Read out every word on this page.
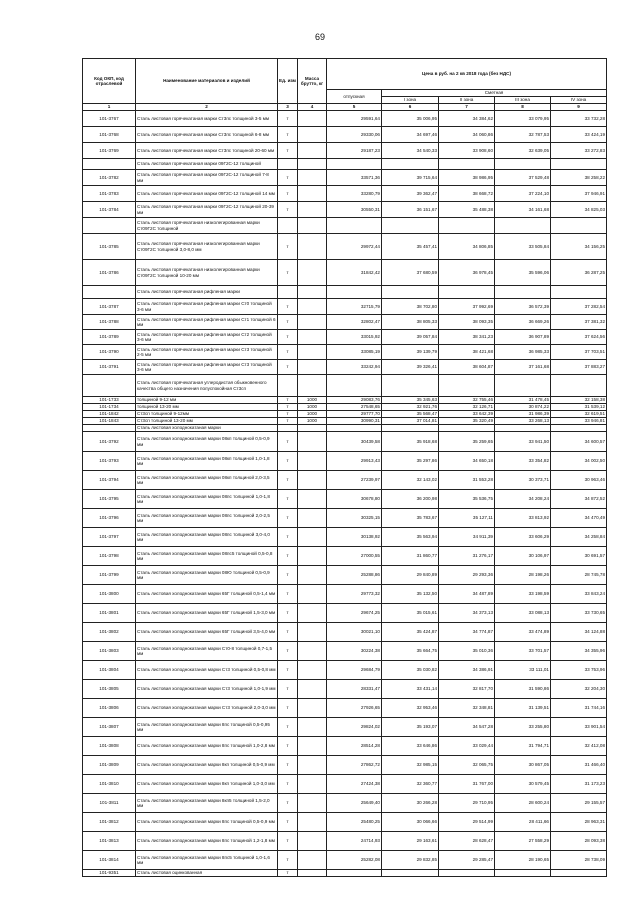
69
Код ОКП, код отраслевой	Наименование материалов и изделий	Ед. изм	Масса брутто, кг	Цена в руб. на 2 кв 2018 года (без НДС)				
				отпускная	Сметная			
					I зона	II зона	III зона	IV зона
1	2	3	4	5	6	7	8	9
101-3767	Сталь листовая горячекатаная марки Ст3пс толщиной 3-5 мм	т		29591,64	35 006,95	34 384,62	33 079,95	33 732,28
101-3768	Сталь листовая горячекатаная марки Ст3пс толщиной 6-8 мм	т		29330,06	34 697,46	34 060,86	32 787,53	33 424,19
101-3769	Сталь листовая горячекатаная марки Ст3пс толщиной 20-60 мм	т		29187,23	34 540,33	33 908,60	32 639,05	33 272,83
	Сталь листовая горячекатаная марки 09Г2С-12 толщиной							
101-3782	Сталь листовая горячекатаная марки 09Г2С-12 толщиной 7-8 мм	т		33571,36	39 715,64	38 986,95	37 529,48	38 258,22
101-3783	Сталь листовая горячекатаная марки 09Г2С-12 толщиной 14 мм	т		33280,79	39 362,47	38 668,72	37 224,10	37 946,91
101-3784	Сталь листовая горячекатаная марки 09Г2С-12 толщиной 20-39 мм	т		30550,31	36 151,67	35 488,38	34 161,68	34 825,03
	Сталь листовая горячекатаная низколегированная марки Ст09Г2С толщиной							
101-3785	Сталь листовая горячекатаная низколегированная марки Ст09Г2С толщиной 3,0-8,0 мм	т		29972,44	35 457,41	34 806,85	33 505,84	34 156,25
101-3786	Сталь листовая горячекатаная низколегированная марки Ст09Г2С толщиной 10-20 мм	т		31842,42	37 680,59	36 978,45	35 596,06	36 287,25
	Сталь листовая горячекатаная рифленая марки							
101-3787	Сталь листовая горячекатаная рифленая марки Ст0 толщиной 3-6 мм	т		32715,79	38 702,80	37 992,69	36 572,39	37 282,54
101-3788	Сталь листовая горячекатаная рифленая марки Ст1 толщиной 6 мм	т		32802,47	38 805,33	38 093,35	36 669,26	37 381,32
101-3789	Сталь листовая горячекатаная рифленая марки Ст2 толщиной 3-6 мм	т		33015,92	39 057,84	38 341,23	36 907,89	37 624,56
101-3790	Сталь листовая горячекатаная рифленая марки Ст3 толщиной 2-5 мм	т		33085,19	39 139,79	38 421,68	36 985,33	37 703,51
101-3791	Сталь листовая горячекатаная рифленая марки Ст3 толщиной 3-6 мм	т		33242,94	39 326,41	38 604,87	37 161,68	37 883,27
	Сталь листовая горячекатаная углеродистая обыкновенного качества общего назначения полуспокойная Ст3сп							
101-1733	толщиной 9-12 мм	т	1000	29083,76	35 345,63	32 755,46	31 478,45	32 158,38
101-1734	толщиной 13-20 мм	т	1000	27548,65	32 921,76	32 126,71	30 874,22	31 539,12
101-1842	Ст3сп толщиной 9-12мм	т	1000	29777,70	35 568,47	33 642,39	31 986,39	32 619,51
101-1843	Ст3сп толщиной 13-20 мм	т	1000	30990,31	37 014,81	35 320,49	33 268,13	33 946,81
	Сталь листовая холоднокатаная марки							
101-3792	Сталь листовая холоднокатаная марки 08кп толщиной 0,5-0,9 мм	т		30439,58	35 918,68	35 259,65	33 941,50	34 600,57
101-3793	Сталь листовая холоднокатаная марки 08кп толщиной 1,0-1,8 мм	т		29913,43	35 297,86	34 650,18	33 354,82	34 002,50
101-3794	Сталь листовая холоднокатаная марки 08кп толщиной 2,0-3,5 мм	т		27239,97	32 143,02	31 553,28	30 373,71	30 963,46
101-3795	Сталь листовая холоднокатаная марки 08пс толщиной 1,0-1,8 мм	т		30678,80	36 200,98	35 536,75	34 208,24	34 872,52
101-3796	Сталь листовая холоднокатаная марки 08пс толщиной 2,0-2,5 мм	т		30325,15	35 783,67	35 127,11	33 813,92	34 470,49
101-3797	Сталь листовая холоднокатаная марки 08пс толщиной 3,0-4,0 мм	т		30138,92	35 563,94	34 911,39	33 606,29	34 258,84
101-3798	Сталь листовая холоднокатаная марки 08пс5 толщиной 0,5-0,8 мм	т		27000,55	31 860,77	31 276,17	30 106,97	30 691,57
101-3799	Сталь листовая холоднокатаная марки 08Ю толщиной 0,5-0,9 мм	т		25288,86	29 840,89	29 293,36	28 198,26	28 745,78
101-3800	Сталь листовая холоднокатаная марки 65Г толщиной 0,5-1,4 мм	т		29773,32	35 132,50	34 487,89	33 198,59	33 843,24
101-3801	Сталь листовая холоднокатаная марки 65Г толщиной 1,5-3,0 мм	т		29674,25	35 015,61	34 373,13	33 088,13	33 730,65
101-3802	Сталь листовая холоднокатаная марки 65Г толщиной 3,5-4,0 мм	т		30021,10	35 424,87	34 774,87	33 474,89	34 124,88
101-3803	Сталь листовая холоднокатаная марки Ст0-8 толщиной 0,7-1,5 мм	т		30224,38	35 664,75	35 010,36	33 701,57	34 355,96
101-3804	Сталь листовая холоднокатаная марки Ст3 толщиной 0,5-0,8 мм	т		29684,79	35 030,82	34 386,91	33 111,01	33 753,96
101-3805	Сталь листовая холоднокатаная марки Ст3 толщиной 1,0-1,9 мм	т		28331,47	33 431,14	32 817,70	31 590,86	32 204,30
101-3806	Сталь листовая холоднокатаная марки Ст3 толщиной 2,0-3,0 мм	т		27926,65	32 953,46	32 348,81	31 139,51	31 744,16
101-3807	Сталь листовая холоднокатаная марки 8пс толщиной 0,5-0,95 мм	т		29824,02	35 193,07	34 547,28	33 255,80	33 901,54
101-3808	Сталь листовая холоднокатаная марки 8пс толщиной 1,0-2,8 мм	т		28514,28	33 646,86	33 029,44	31 794,71	32 412,08
101-3809	Сталь листовая холоднокатаная марки 8кп толщиной 0,5-0,9 мм	т		27862,72	32 985,15	32 065,75	30 867,05	31 466,40
101-3810	Сталь листовая холоднокатаная марки 8кп толщиной 1,0-3,0 мм	т		27424,38	32 360,77	31 767,00	30 579,45	31 173,23
101-3811	Сталь листовая холоднокатаная марки 8кп5 толщиной 1,5-2,0 мм	т		25649,40	30 266,28	29 710,95	28 600,24	29 155,57
101-3812	Сталь листовая холоднокатаная марки 8пс толщиной 0,5-0,9 мм	т		25480,25	30 066,66	29 514,99	28 411,66	28 963,31
101-3813	Сталь листовая холоднокатаная марки 8пс толщиной 1,2-1,8 мм	т		24714,93	29 163,61	28 628,47	27 558,29	28 093,38
101-3814	Сталь листовая холоднокатаная марки 8пс5 толщиной 1,0-1,6 мм	т		25282,08	29 832,85	29 285,47	28 190,65	28 738,09
101-9351	Сталь листовая оцинкованная	т						
